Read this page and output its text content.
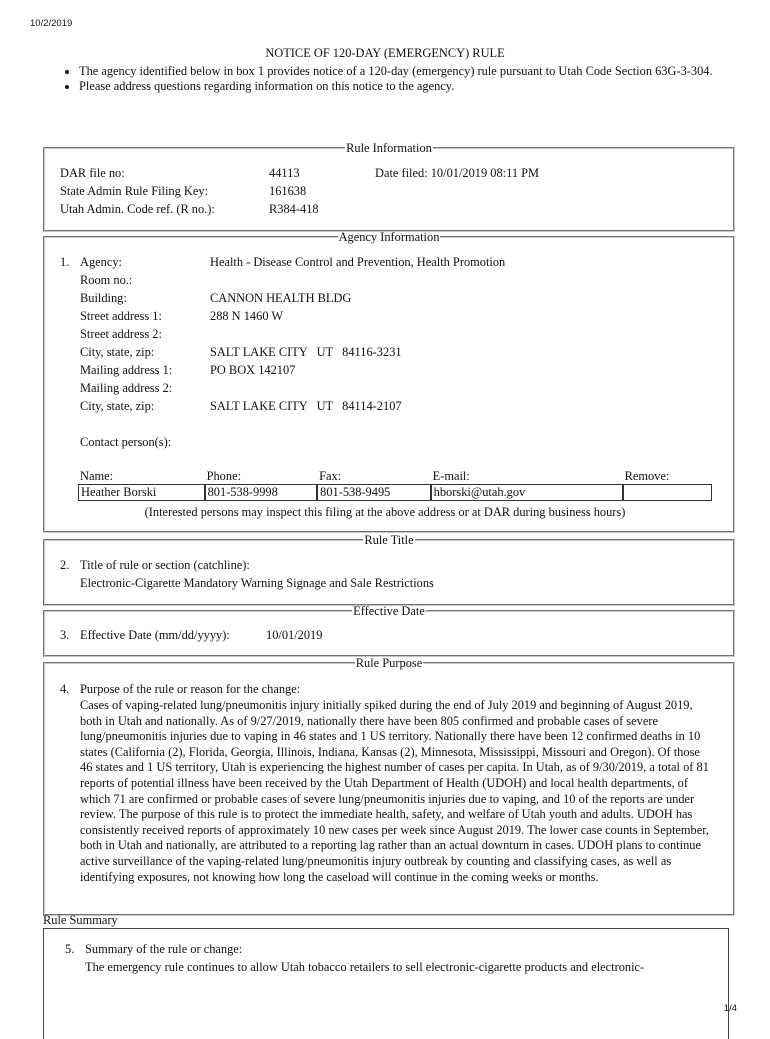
10/2/2019
1/4
NOTICE OF 120-DAY (EMERGENCY) RULE
• The agency identified below in box 1 provides notice of a 120-day (emergency) rule pursuant to Utah Code Section 63G-3-304.
• Please address questions regarding information on this notice to the agency.
Rule Information
DAR file no:	44113	Date filed: 10/01/2019 08:11 PM
State Admin Rule Filing Key:	161638
Utah Admin. Code ref. (R no.):	R384-418
Agency Information
1. Agency:	Health - Disease Control and Prevention, Health Promotion
Room no.:
Building:	CANNON HEALTH BLDG
Street address 1:	288 N 1460 W
Street address 2:
City, state, zip:	SALT LAKE CITY   UT   84116-3231
Mailing address 1:	PO BOX 142107
Mailing address 2:
City, state, zip:	SALT LAKE CITY   UT   84114-2107
Contact person(s):
Name:	Phone:	Fax:	E-mail:	Remove:
Heather Borski	801-538-9998	801-538-9495	hborski@utah.gov	
(Interested persons may inspect this filing at the above address or at DAR during business hours)
Rule Title
2. Title of rule or section (catchline):
Electronic-Cigarette Mandatory Warning Signage and Sale Restrictions
Effective Date
3. Effective Date (mm/dd/yyyy):	10/01/2019
Rule Purpose
4. Purpose of the rule or reason for the change:
Cases of vaping-related lung/pneumonitis injury initially spiked during the end of July 2019 and beginning of August 2019, both in Utah and nationally. As of 9/27/2019, nationally there have been 805 confirmed and probable cases of severe lung/pneumonitis injuries due to vaping in 46 states and 1 US territory. Nationally there have been 12 confirmed deaths in 10 states (California (2), Florida, Georgia, Illinois, Indiana, Kansas (2), Minnesota, Mississippi, Missouri and Oregon). Of those 46 states and 1 US territory, Utah is experiencing the highest number of cases per capita. In Utah, as of 9/30/2019, a total of 81 reports of potential illness have been received by the Utah Department of Health (UDOH) and local health departments, of which 71 are confirmed or probable cases of severe lung/pneumonitis injuries due to vaping, and 10 of the reports are under review. The purpose of this rule is to protect the immediate health, safety, and welfare of Utah youth and adults. UDOH has consistently received reports of approximately 10 new cases per week since August 2019. The lower case counts in September, both in Utah and nationally, are attributed to a reporting lag rather than an actual downturn in cases. UDOH plans to continue active surveillance of the vaping-related lung/pneumonitis injury outbreak by counting and classifying cases, as well as identifying exposures, not knowing how long the caseload will continue in the coming weeks or months.
Rule Summary
5. Summary of the rule or change:
The emergency rule continues to allow Utah tobacco retailers to sell electronic-cigarette products and electronic-
